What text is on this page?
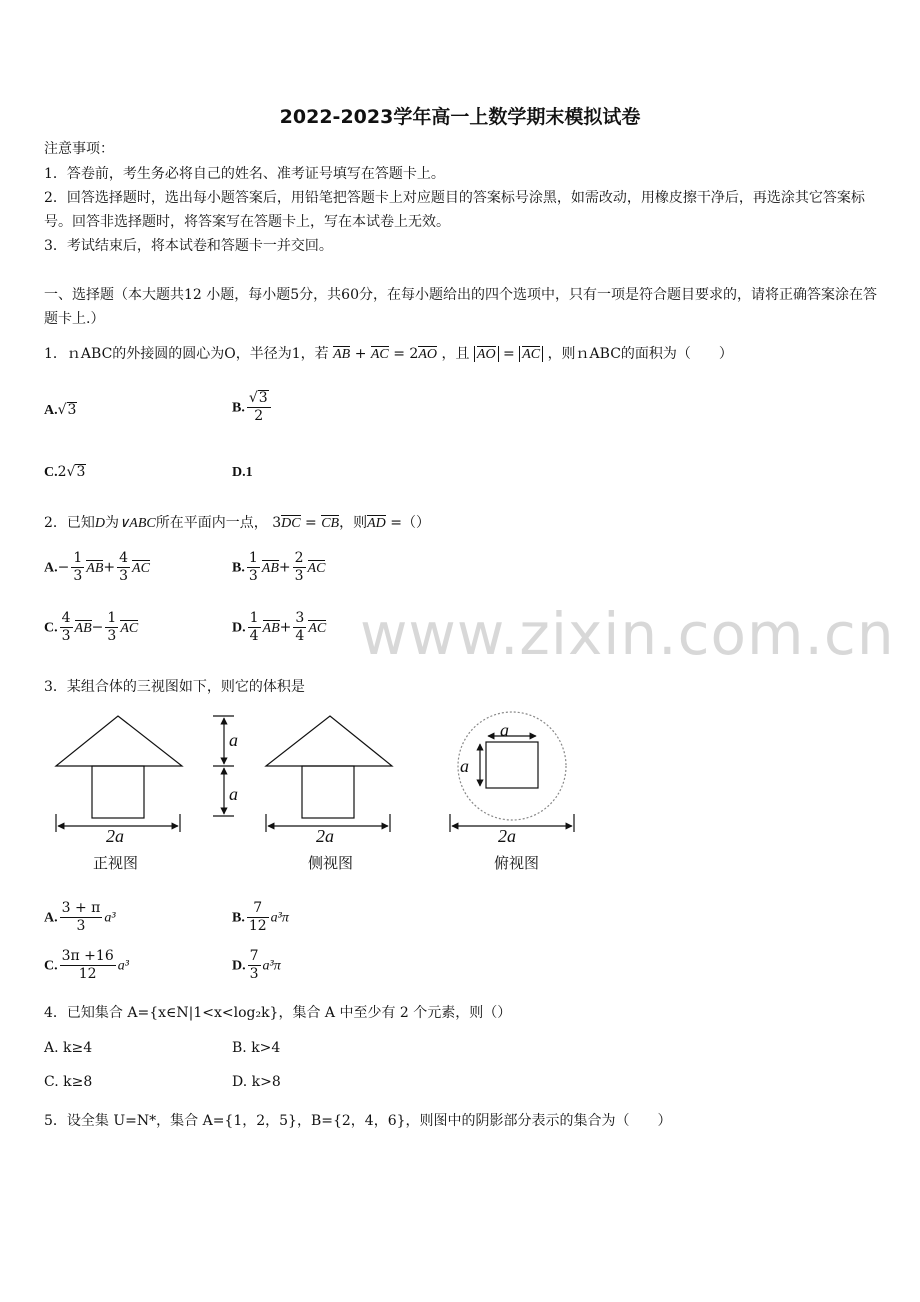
2022-2023学年高一上数学期末模拟试卷
注意事项：
1．答卷前，考生务必将自己的姓名、准考证号填写在答题卡上。
2．回答选择题时，选出每小题答案后，用铅笔把答题卡上对应题目的答案标号涂黑，如需改动，用橡皮擦干净后，再选涂其它答案标号。回答非选择题时，将答案写在答题卡上，写在本试卷上无效。
3．考试结束后，将本试卷和答题卡一并交回。
一、选择题（本大题共12 小题，每小题5分，共60分，在每小题给出的四个选项中，只有一项是符合题目要求的，请将正确答案涂在答题卡上.）
1．ｎABC的外接圆的圆心为O，半径为1，若 AB + AC = 2AO ，且 AO = AC ，则ｎABC的面积为（　　）
A.√3	B. $\frac{√3}{2}$
C.2√3	D.1
2．已知D为∨ABC所在平面内一点， 3DC = CB，则AD =（）
$A.- \frac{1}{3} AB+ \frac{4}{3}$ AC	B. $\frac{1}{3} AB+ \frac{2}{3}$ AC
C. $\frac{4}{3} AB- \frac{1}{3}$ AC	D. $\frac{1}{4} AB+ \frac{3}{4}$ AC www.zixin.com.cn
3．某组合体的三视图如下，则它的体积是
a
a
2a	2a
a
a
2a
正视图	侧视图	俯视图
A. $\frac{3 + \pi}{3} a^3$	B. $\frac{7}{12} a^3\pi$
C. $\frac{3\pi +16}{12} a^3$	D. $\frac{7}{3} a^3\pi$
4．已知集合 A={x∈N|1<x<log₂k}，集合 A 中至少有 2 个元素，则（）
A. k≥4	B. k>4
C. k≥8	D. k>8
5．设全集 U=N*，集合 A={1，2，5}，B={2，4，6}，则图中的阴影部分表示的集合为（　　）
